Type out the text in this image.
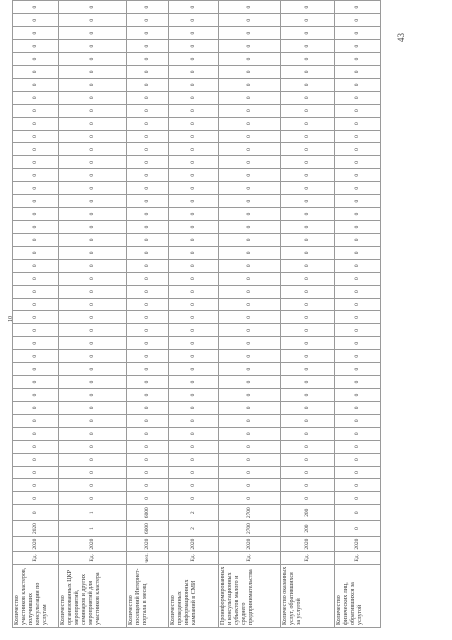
Количество участников кластеров, получивших консультации по услугам	Ед.	2020	2020	0	0	0	0	0	0	0	0	0	0	0	0	0	0	0	0	0	0	0	0	0	0	0	0	0	0	0	0	0	0	0	0	0	0	0	0	0	0	0	0
Количество организованных ЦКР мероприятий, семинаров и других мероприятий для участников кластера	Ед.	2020	1	1	0	0	0	0	0	0	0	0	0	0	0	0	0	0	0	0	0	0	0	0	0	0	0	0	0	0	0	0	0	0	0	0	0	0	0	0	0	0	0
Количество посещений Интернет-портала в месяц	чел.	2020	6000	6000	0	0	0	0	0	0	0	0	0	0	0	0	0	0	0	0	0	0	0	0	0	0	0	0	0	0	0	0	0	0	0	0	0	0	0	0	0	0	0
Количество проведенных информационных кампаний в СМИ	Ед.	2020	2	2	0	0	0	0	0	0	0	0	0	0	0	0	0	0	0	0	0	0	0	0	0	0	0	0	0	0	0	0	0	0	0	0	0	0	0	0	0	0	0
Проинформированных и консультационных субъектов малого и среднего предпринимательства	Ед.	2020	2700	2700	0	0	0	0	0	0	0	0	0	0	0	0	0	0	0	0	0	0	0	0	0	0	0	0	0	0	0	0	0	0	0	0	0	0	0	0	0	0	0
Количество оказанных услуг, обратившихся за услугой	Ед.	2020	200	200	0	0	0	0	0	0	0	0	0	0	0	0	0	0	0	0	0	0	0	0	0	0	0	0	0	0	0	0	0	0	0	0	0	0	0	0	0	0	0
Количество физических лиц, обратившихся за услугой	Ед.	2020	0	0	0	0	0	0	0	0	0	0	0	0	0	0	0	0	0	0	0	0	0	0	0	0	0	0	0	0	0	0	0	0	0	0	0	0	0	0	0	0	0
10
43
